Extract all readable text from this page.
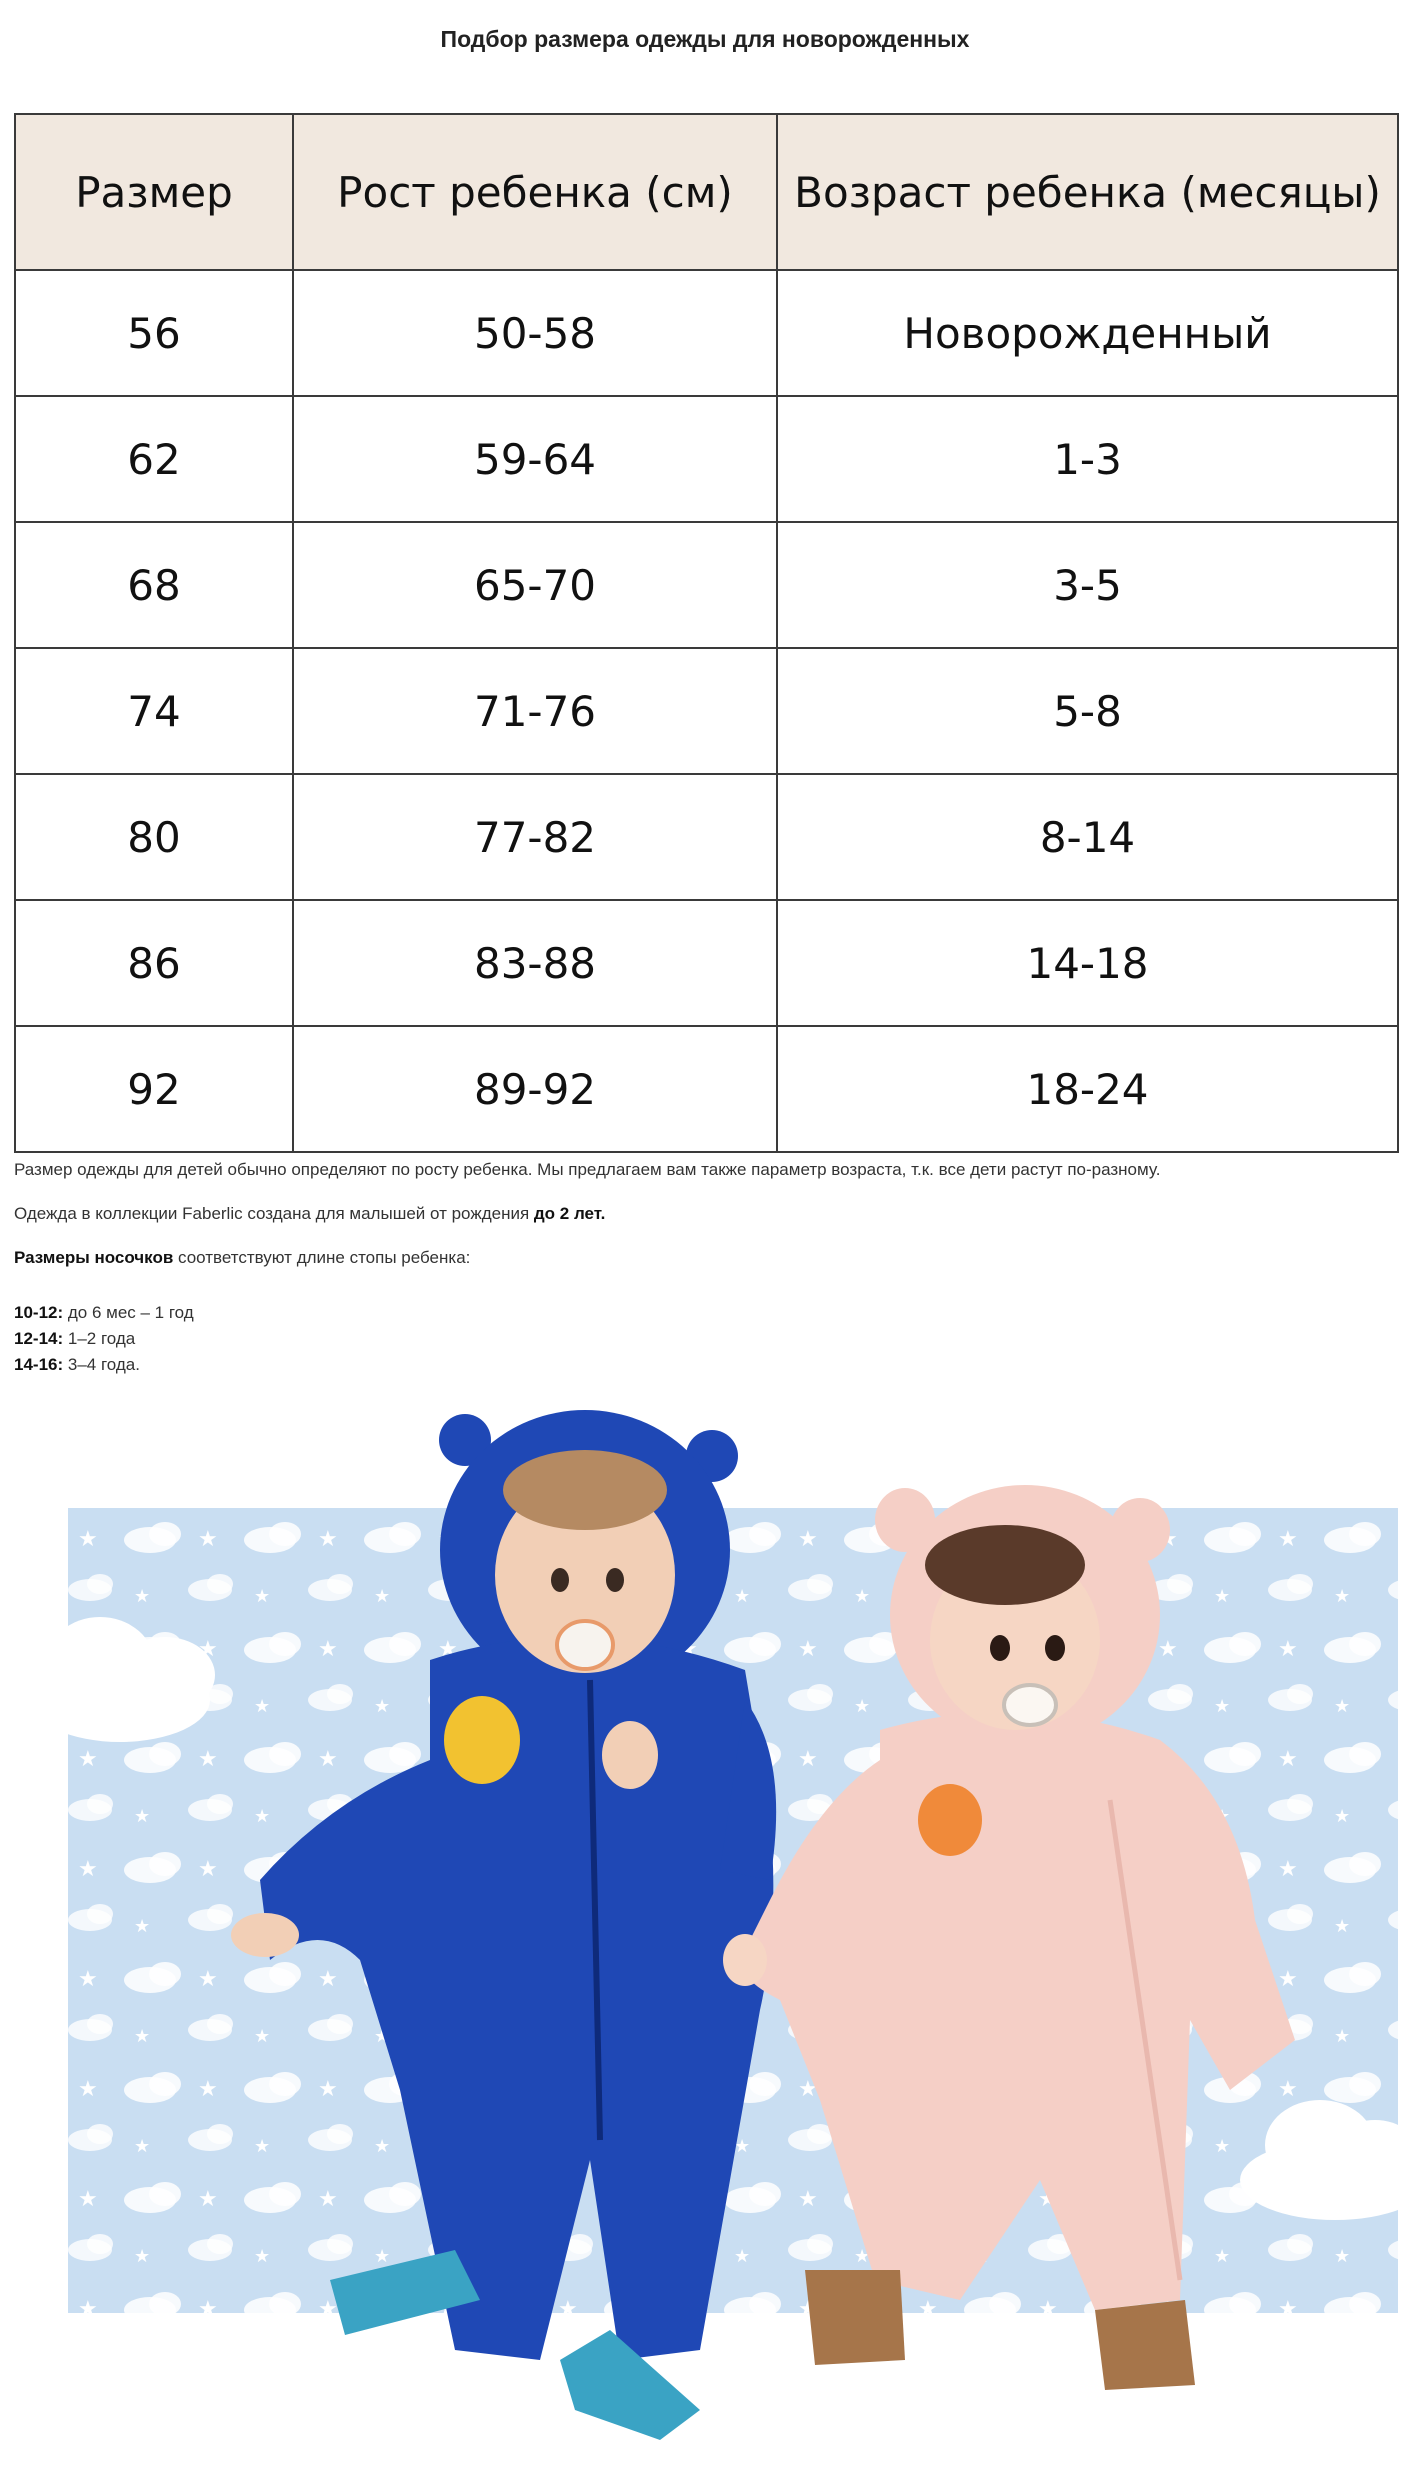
Подбор размера одежды для новорожденных
Размер	Рост ребенка (см)	Возраст ребенка (месяцы)
56	50-58	Новорожденный
62	59-64	1-3
68	65-70	3-5
74	71-76	5-8
80	77-82	8-14
86	83-88	14-18
92	89-92	18-24

Размер одежды для детей обычно определяют по росту ребенка. Мы предлагаем вам также параметр возраста, т.к. все дети растут по-разному.

Одежда в коллекции Faberlic создана для малышей от рождения до 2 лет.

Размеры носочков соответствуют длине стопы ребенка:

10-12: до 6 мес – 1 год

12-14: 1–2 года

14-16: 3–4 года.
